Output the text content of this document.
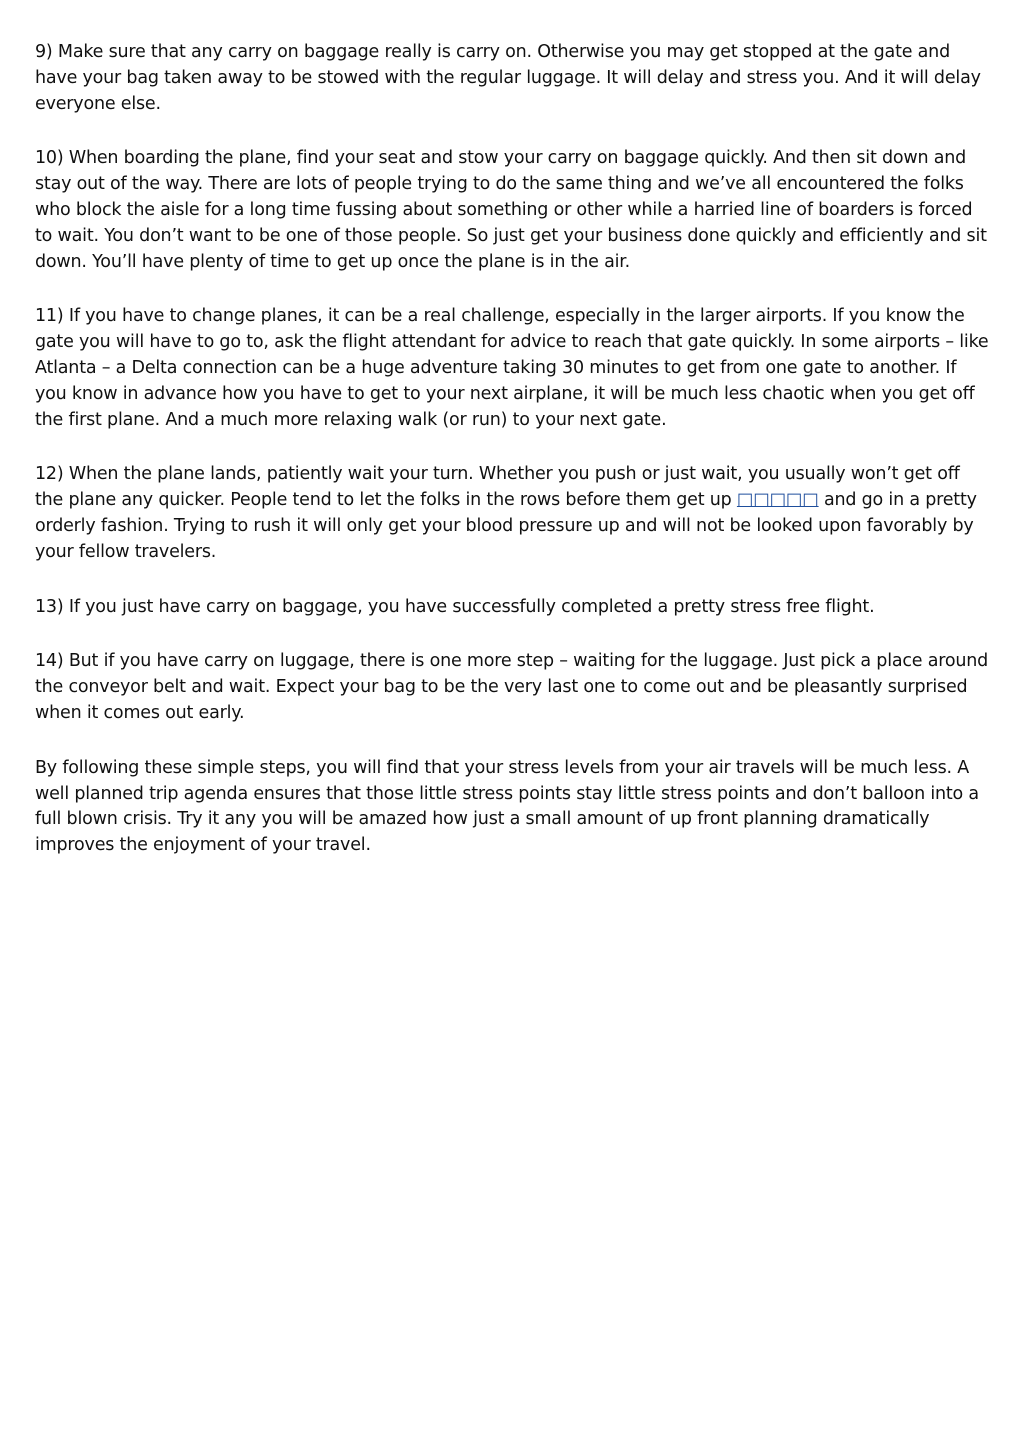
9) Make sure that any carry on baggage really is carry on. Otherwise you may get stopped at the gate and have your bag taken away to be stowed with the regular luggage. It will delay and stress you. And it will delay everyone else.

10) When boarding the plane, find your seat and stow your carry on baggage quickly. And then sit down and stay out of the way. There are lots of people trying to do the same thing and we’ve all encountered the folks who block the aisle for a long time fussing about something or other while a harried line of boarders is forced to wait. You don’t want to be one of those people. So just get your business done quickly and efficiently and sit down. You’ll have plenty of time to get up once the plane is in the air.

11) If you have to change planes, it can be a real challenge, especially in the larger airports. If you know the gate you will have to go to, ask the flight attendant for advice to reach that gate quickly. In some airports – like Atlanta – a Delta connection can be a huge adventure taking 30 minutes to get from one gate to another. If you know in advance how you have to get to your next airplane, it will be much less chaotic when you get off the first plane. And a much more relaxing walk (or run) to your next gate.

12) When the plane lands, patiently wait your turn. Whether you push or just wait, you usually won’t get off the plane any quicker. People tend to let the folks in the rows before them get up □□□□□ and go in a pretty orderly fashion. Trying to rush it will only get your blood pressure up and will not be looked upon favorably by your fellow travelers.

13) If you just have carry on baggage, you have successfully completed a pretty stress free flight.

14) But if you have carry on luggage, there is one more step – waiting for the luggage. Just pick a place around the conveyor belt and wait. Expect your bag to be the very last one to come out and be pleasantly surprised when it comes out early.

By following these simple steps, you will find that your stress levels from your air travels will be much less. A well planned trip agenda ensures that those little stress points stay little stress points and don’t balloon into a full blown crisis. Try it any you will be amazed how just a small amount of up front planning dramatically improves the enjoyment of your travel.
